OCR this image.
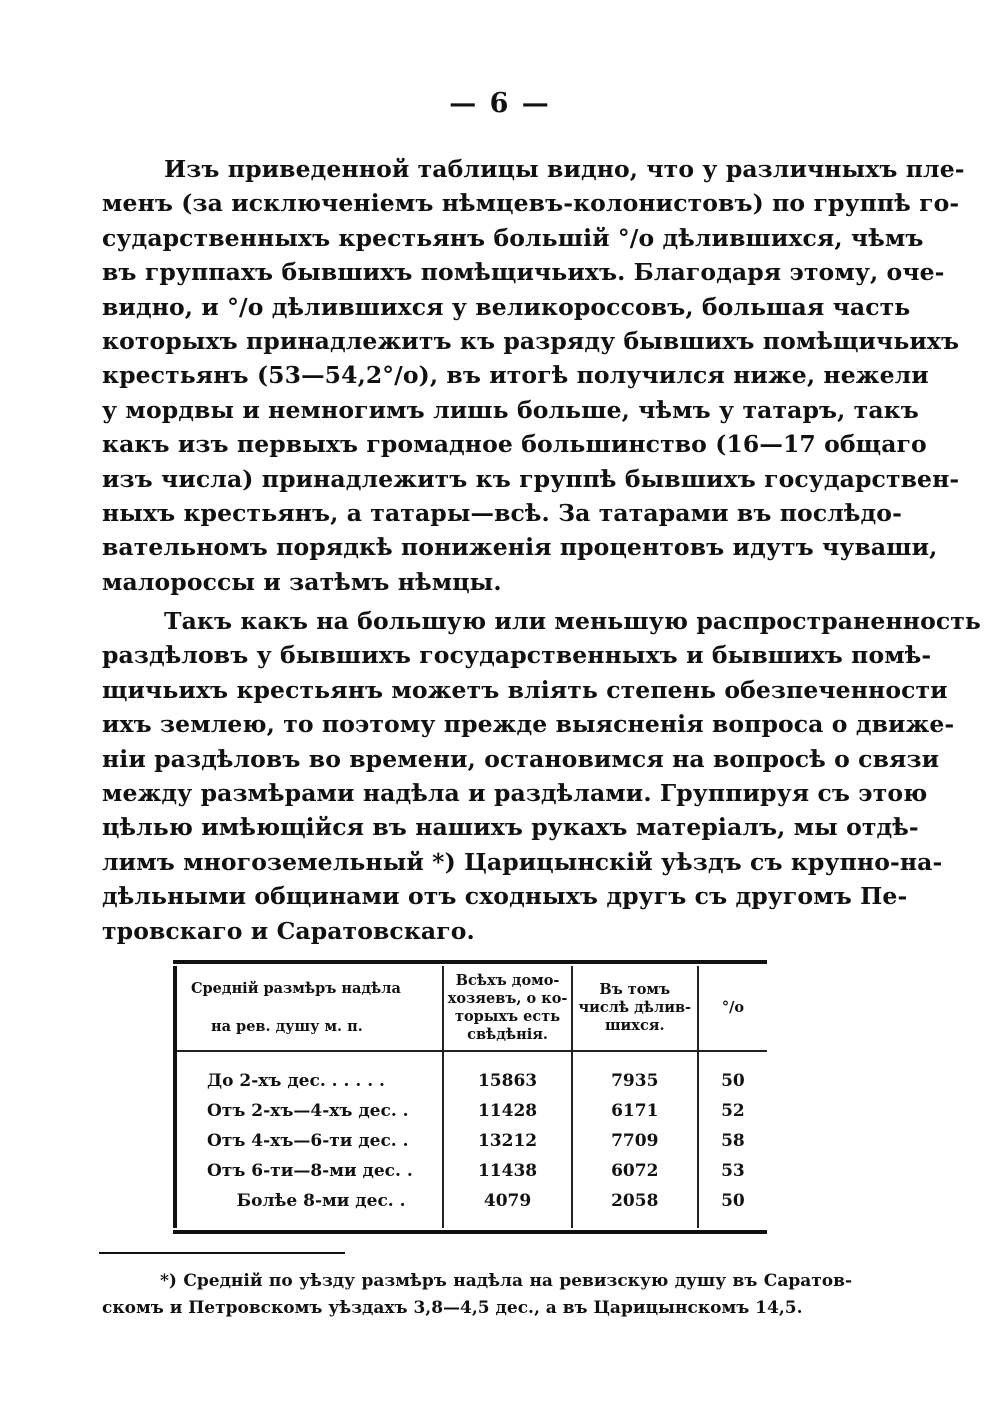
— 6 —
Изъ приведенной таблицы видно, что у различныхъ пле-
менъ (за исключеніемъ нѣмцевъ-колонистовъ) по группѣ го-
сударственныхъ крестьянъ большій °/о дѣлившихся, чѣмъ
въ группахъ бывшихъ помѣщичьихъ. Благодаря этому, оче-
видно, и °/о дѣлившихся у великороссовъ, большая часть
которыхъ принадлежитъ къ разряду бывшихъ помѣщичьихъ
крестьянъ (53—54,2°/о), въ итогѣ получился ниже, нежели
у мордвы и немногимъ лишь больше, чѣмъ у татаръ, такъ
какъ изъ первыхъ громадное большинство (16—17 общаго
изъ числа) принадлежитъ къ группѣ бывшихъ государствен-
ныхъ крестьянъ, а татары—всѣ. За татарами въ послѣдо-
вательномъ порядкѣ пониженія процентовъ идутъ чуваши,
малороссы и затѣмъ нѣмцы.
Такъ какъ на большую или меньшую распространенность
раздѣловъ у бывшихъ государственныхъ и бывшихъ помѣ-
щичьихъ крестьянъ можетъ вліять степень обезпеченности
ихъ землею, то поэтому прежде выясненія вопроса о движе-
ніи раздѣловъ во времени, остановимся на вопросѣ о связи
между размѣрами надѣла и раздѣлами. Группируя съ этою
цѣлью имѣющійся въ нашихъ рукахъ матеріалъ, мы отдѣ-
лимъ многоземельный *) Царицынскій уѣздъ съ крупно-на-
дѣльными общинами отъ сходныхъ другъ съ другомъ Пе-
тровскаго и Саратовскаго.
Средній размѣръ надѣла
на рев. душу м. п.	Всѣхъ домо-хозяевъ, о ко-торыхъ есть свѣдѣнія.	Въ томъ числѣ дѣлив-шихся.	°/о
До 2-хъ дес. . . . . .	15863	7935	50
Отъ 2-хъ—4-хъ дес. .	11428	6171	52
Отъ 4-хъ—6-ти дес. .	13212	7709	58
Отъ 6-ти—8-ми дес. .	11438	6072	53
Болѣе 8-ми дес. .	4079	2058	50
*) Средній по уѣзду размѣръ надѣла на ревизскую душу въ Саратов-
скомъ и Петровскомъ уѣздахъ 3,8—4,5 дес., а въ Царицынскомъ 14,5.
